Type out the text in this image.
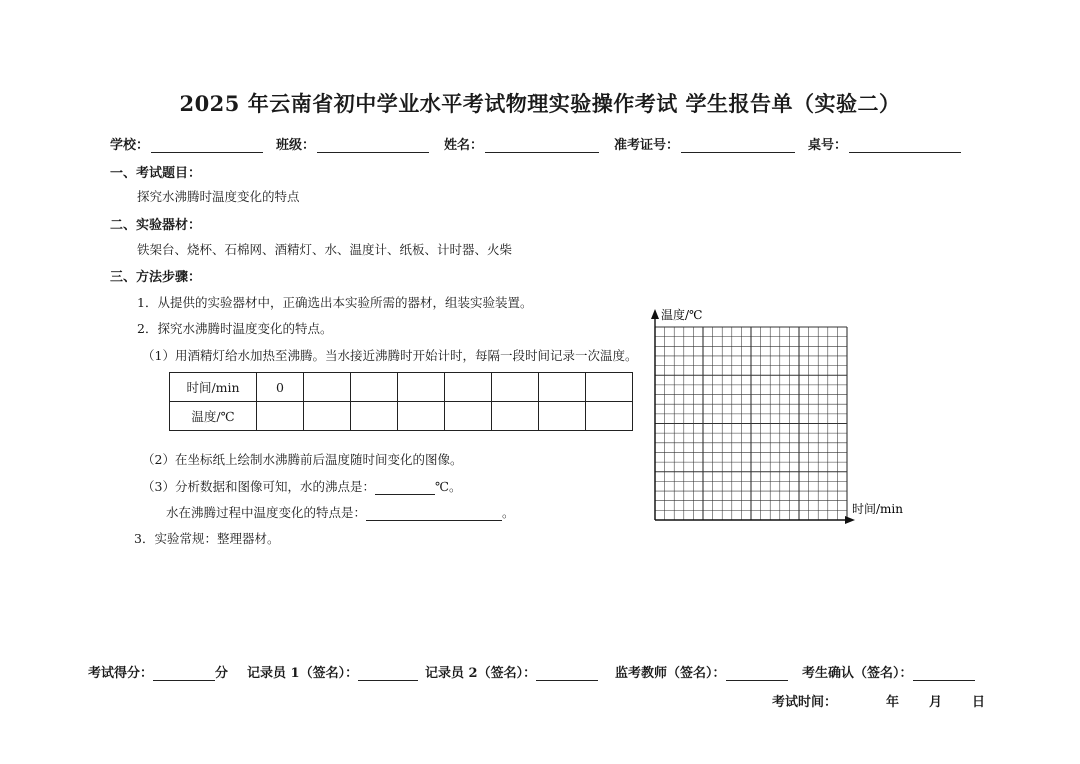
2025 年云南省初中学业水平考试物理实验操作考试 学生报告单（实验二）
学校：	班级：	姓名：	准考证号：	桌号：
一、考试题目：
探究水沸腾时温度变化的特点
二、实验器材：
铁架台、烧杯、石棉网、酒精灯、水、温度计、纸板、计时器、火柴
三、方法步骤：
1．从提供的实验器材中，正确选出本实验所需的器材，组装实验装置。
2．探究水沸腾时温度变化的特点。
（1）用酒精灯给水加热至沸腾。当水接近沸腾时开始计时，每隔一段时间记录一次温度。
时间/min	0							
温度/℃								
（2）在坐标纸上绘制水沸腾前后温度随时间变化的图像。
（3）分析数据和图像可知，水的沸点是：	℃。
水在沸腾过程中温度变化的特点是：	。
3．实验常规：整理器材。
温度/℃
时间/min
考试得分：	分 记录员 1（签名）：	记录员 2（签名）：	监考教师（签名）：	考生确认（签名）：
考试时间：	年 月 日
